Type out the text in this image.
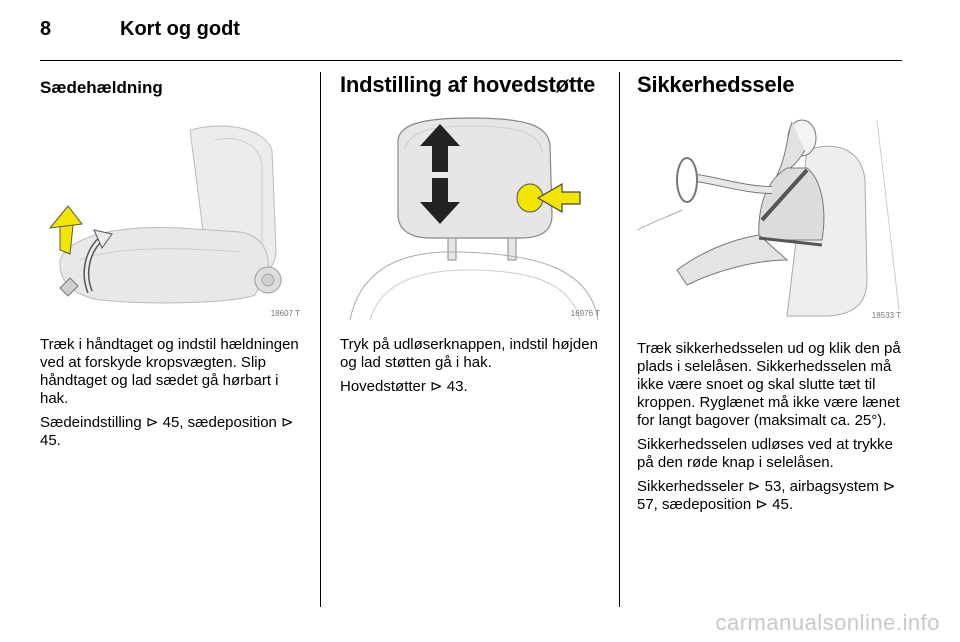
8	Kort og godt
Sædehældning
18607 T

Træk i håndtaget og indstil hældningen ved at forskyde kropsvægten. Slip håndtaget og lad sædet gå hørbart i hak.

Sædeindstilling ⊳ 45, sædeposition ⊳ 45.

Indstilling af hovedstøtte
16976 T

Tryk på udløserknappen, indstil højden og lad støtten gå i hak.

Hovedstøtter ⊳ 43.

Sikkerhedssele
18533 T

Træk sikkerhedsselen ud og klik den på plads i selelåsen. Sikkerhedsselen må ikke være snoet og skal slutte tæt til kroppen. Ryglænet må ikke være lænet for langt bagover (maksimalt ca. 25°).

Sikkerhedsselen udløses ved at trykke på den røde knap i selelåsen.

Sikkerhedsseler ⊳ 53, airbagsystem ⊳ 57, sædeposition ⊳ 45.

carmanualsonline.info
